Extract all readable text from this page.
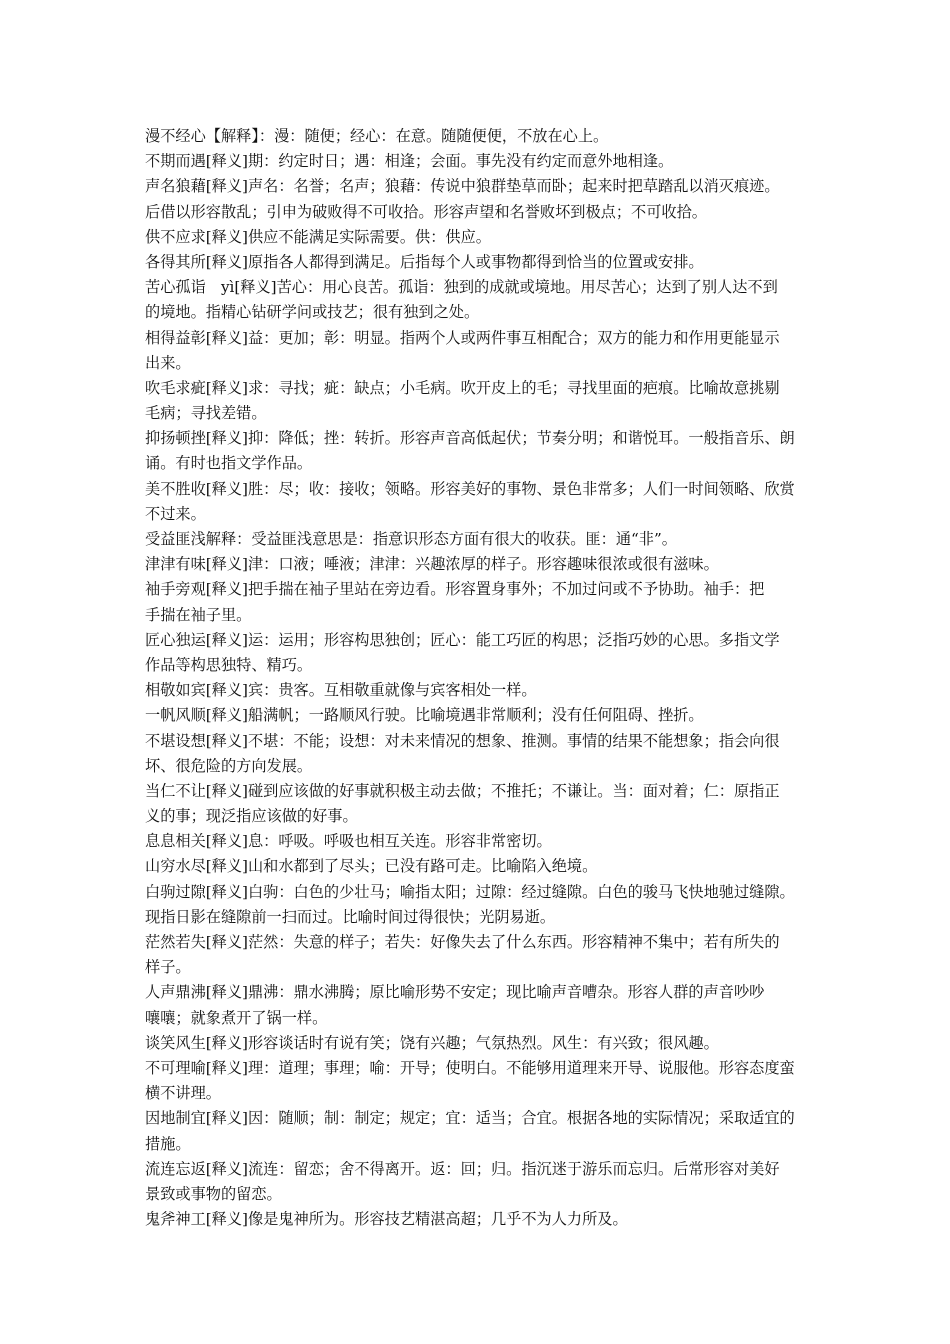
漫不经心【解释】：漫：随便；经心：在意。随随便便，不放在心上。
不期而遇[释义]期：约定时日；遇：相逢；会面。事先没有约定而意外地相逢。
声名狼藉[释义]声名：名誉；名声；狼藉：传说中狼群垫草而卧；起来时把草踏乱以消灭痕迹。
后借以形容散乱；引申为破败得不可收拾。形容声望和名誉败坏到极点；不可收拾。
供不应求[释义]供应不能满足实际需要。供：供应。
各得其所[释义]原指各人都得到满足。后指每个人或事物都得到恰当的位置或安排。
苦心孤诣　yì[释义]苦心：用心良苦。孤诣：独到的成就或境地。用尽苦心；达到了别人达不到
的境地。指精心钻研学问或技艺；很有独到之处。
相得益彰[释义]益：更加；彰：明显。指两个人或两件事互相配合；双方的能力和作用更能显示
出来。
吹毛求疵[释义]求：寻找；疵：缺点；小毛病。吹开皮上的毛；寻找里面的疤痕。比喻故意挑剔
毛病；寻找差错。
抑扬顿挫[释义]抑：降低；挫：转折。形容声音高低起伏；节奏分明；和谐悦耳。一般指音乐、朗
诵。有时也指文学作品。
美不胜收[释义]胜：尽；收：接收；领略。形容美好的事物、景色非常多；人们一时间领略、欣赏
不过来。
受益匪浅解释：受益匪浅意思是：指意识形态方面有很大的收获。匪：通“非”。
津津有味[释义]津：口液；唾液；津津：兴趣浓厚的样子。形容趣味很浓或很有滋味。
袖手旁观[释义]把手揣在袖子里站在旁边看。形容置身事外；不加过问或不予协助。袖手：把
手揣在袖子里。
匠心独运[释义]运：运用；形容构思独创；匠心：能工巧匠的构思；泛指巧妙的心思。多指文学
作品等构思独特、精巧。
相敬如宾[释义]宾：贵客。互相敬重就像与宾客相处一样。
一帆风顺[释义]船满帆；一路顺风行驶。比喻境遇非常顺利；没有任何阻碍、挫折。
不堪设想[释义]不堪：不能；设想：对未来情况的想象、推测。事情的结果不能想象；指会向很
坏、很危险的方向发展。
当仁不让[释义]碰到应该做的好事就积极主动去做；不推托；不谦让。当：面对着；仁：原指正
义的事；现泛指应该做的好事。
息息相关[释义]息：呼吸。呼吸也相互关连。形容非常密切。
山穷水尽[释义]山和水都到了尽头；已没有路可走。比喻陷入绝境。
白驹过隙[释义]白驹：白色的少壮马；喻指太阳；过隙：经过缝隙。白色的骏马飞快地驰过缝隙。
现指日影在缝隙前一扫而过。比喻时间过得很快；光阴易逝。
茫然若失[释义]茫然：失意的样子；若失：好像失去了什么东西。形容精神不集中；若有所失的
样子。
人声鼎沸[释义]鼎沸：鼎水沸腾；原比喻形势不安定；现比喻声音嘈杂。形容人群的声音吵吵
嚷嚷；就象煮开了锅一样。
谈笑风生[释义]形容谈话时有说有笑；饶有兴趣；气氛热烈。风生：有兴致；很风趣。
不可理喻[释义]理：道理；事理；喻：开导；使明白。不能够用道理来开导、说服他。形容态度蛮
横不讲理。
因地制宜[释义]因：随顺；制：制定；规定；宜：适当；合宜。根据各地的实际情况；采取适宜的
措施。
流连忘返[释义]流连：留恋；舍不得离开。返：回；归。指沉迷于游乐而忘归。后常形容对美好
景致或事物的留恋。
鬼斧神工[释义]像是鬼神所为。形容技艺精湛高超；几乎不为人力所及。
